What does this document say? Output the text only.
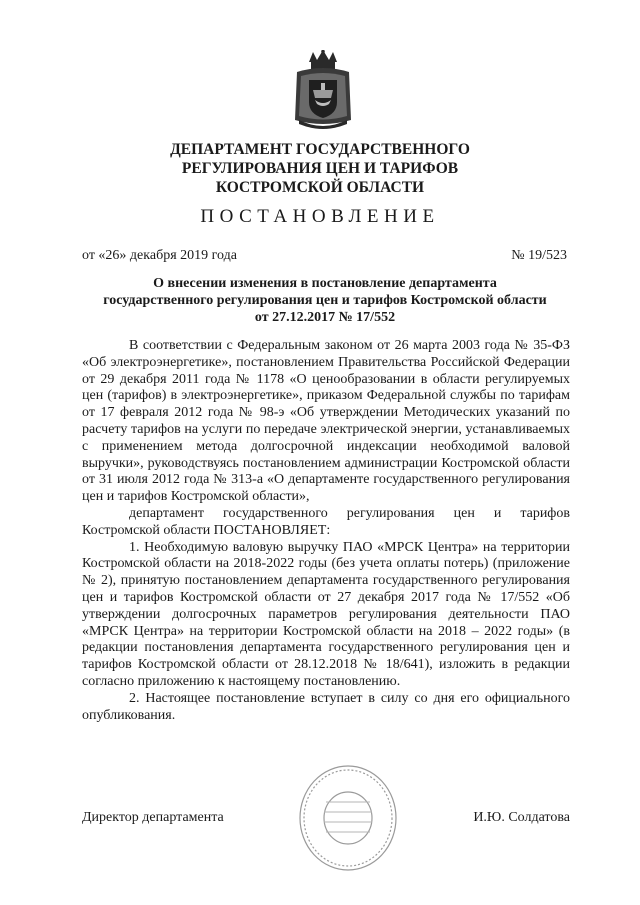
ДЕПАРТАМЕНТ ГОСУДАРСТВЕННОГО
РЕГУЛИРОВАНИЯ ЦЕН И ТАРИФОВ
КОСТРОМСКОЙ ОБЛАСТИ
ПОСТАНОВЛЕНИЕ
от «26» декабря 2019 года	№ 19/523
О внесении изменения в постановление департамента государственного регулирования цен и тарифов Костромской области от 27.12.2017 № 17/552

В соответствии с Федеральным законом от 26 марта 2003 года № 35-ФЗ «Об электроэнергетике», постановлением Правительства Российской Федерации от 29 декабря 2011 года № 1178 «О ценообразовании в области регулируемых цен (тарифов) в электроэнергетике», приказом Федеральной службы по тарифам от 17 февраля 2012 года № 98-э «Об утверждении Методических указаний по расчету тарифов на услуги по передаче электрической энергии, устанавливаемых с применением метода долгосрочной индексации необходимой валовой выручки», руководствуясь постановлением администрации Костромской области от 31 июля 2012 года № 313-а «О департаменте государственного регулирования цен и тарифов Костромской области»,

департамент государственного регулирования цен и тарифов Костромской области ПОСТАНОВЛЯЕТ:

1. Необходимую валовую выручку ПАО «МРСК Центра» на территории Костромской области на 2018-2022 годы (без учета оплаты потерь) (приложение № 2), принятую постановлением департамента государственного регулирования цен и тарифов Костромской области от 27 декабря 2017 года № 17/552 «Об утверждении долгосрочных параметров регулирования деятельности ПАО «МРСК Центра» на территории Костромской области на 2018 – 2022 годы» (в редакции постановления департамента государственного регулирования цен и тарифов Костромской области от 28.12.2018 № 18/641), изложить в редакции согласно приложению к настоящему постановлению.

2. Настоящее постановление вступает в силу со дня его официального опубликования.

Директор департамента	И.Ю. Солдатова
